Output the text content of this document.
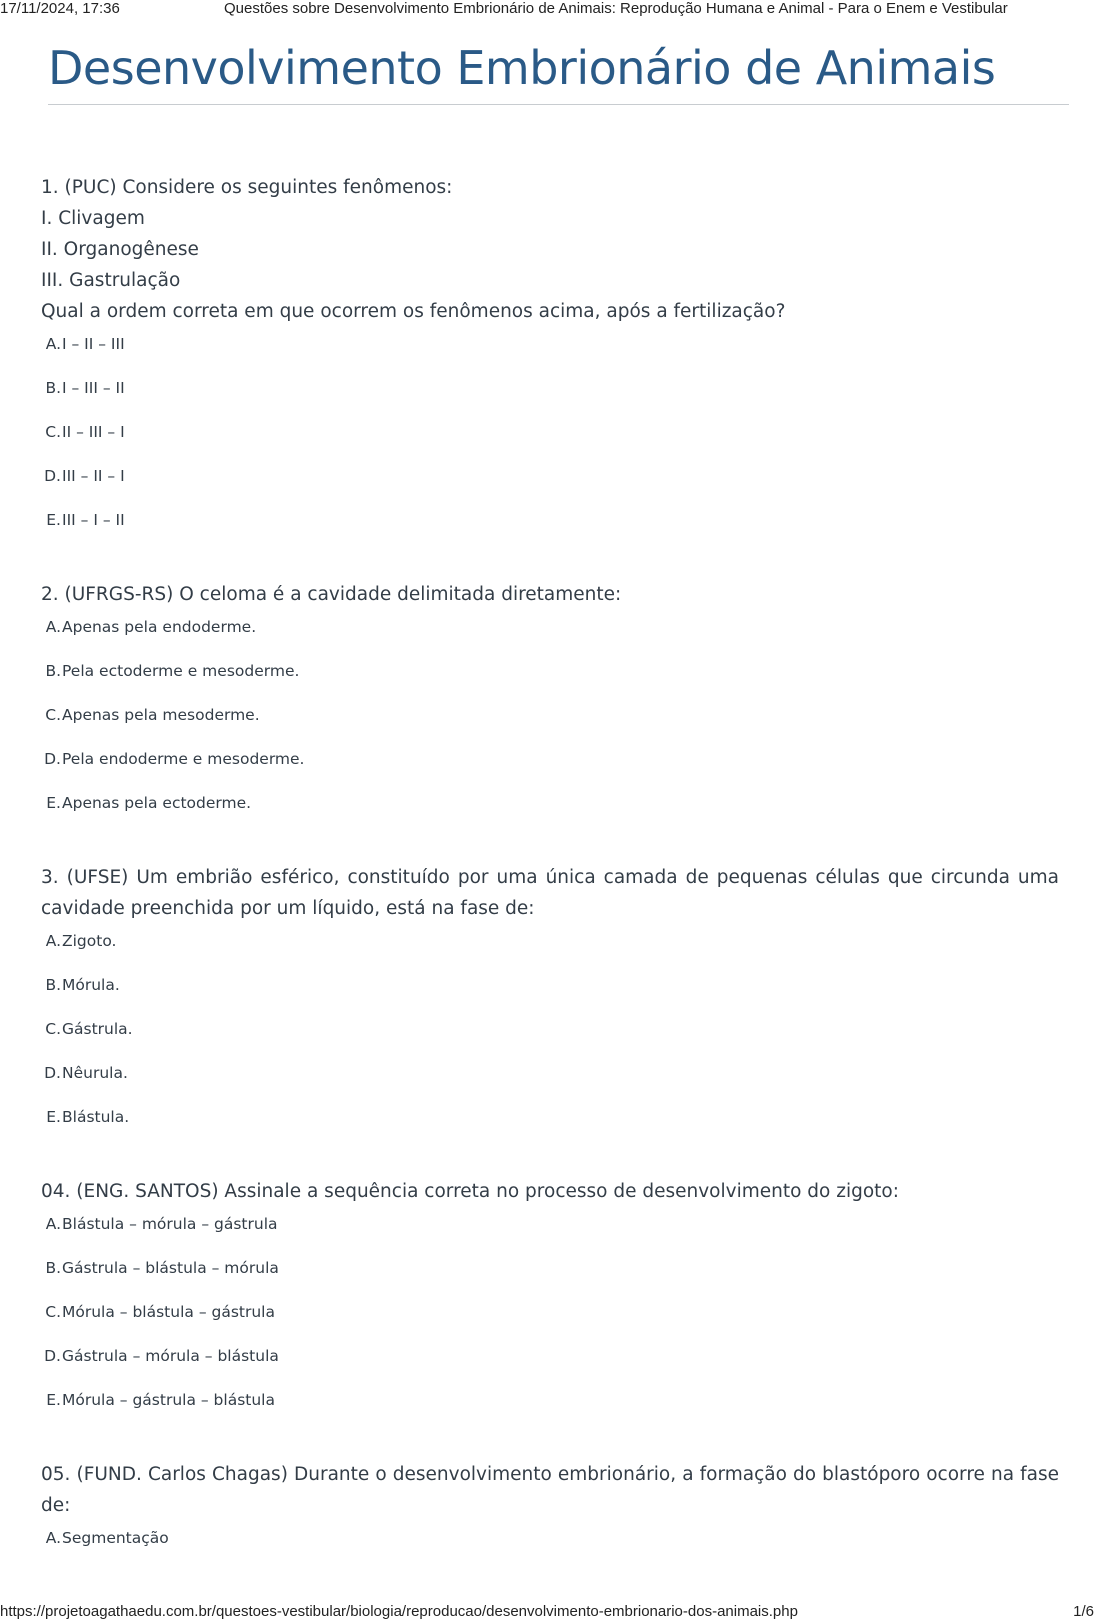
17/11/2024, 17:36	Questões sobre Desenvolvimento Embrionário de Animais: Reprodução Humana e Animal - Para o Enem e Vestibular
Desenvolvimento Embrionário de Animais
1. (PUC) Considere os seguintes fenômenos:
I. Clivagem
II. Organogênese
III. Gastrulação
Qual a ordem correta em que ocorrem os fenômenos acima, após a fertilização?
A. I – II – III
B. I – III – II
C. II – III – I
D. III – II – I
E. III – I – II
2. (UFRGS-RS) O celoma é a cavidade delimitada diretamente:
A. Apenas pela endoderme.
B. Pela ectoderme e mesoderme.
C. Apenas pela mesoderme.
D. Pela endoderme e mesoderme.
E. Apenas pela ectoderme.
3. (UFSE) Um embrião esférico, constituído por uma única camada de pequenas células que circunda uma cavidade preenchida por um líquido, está na fase de:
A. Zigoto.
B. Mórula.
C. Gástrula.
D. Nêurula.
E. Blástula.
04. (ENG. SANTOS) Assinale a sequência correta no processo de desenvolvimento do zigoto:
A. Blástula – mórula – gástrula
B. Gástrula – blástula – mórula
C. Mórula – blástula – gástrula
D. Gástrula – mórula – blástula
E. Mórula – gástrula – blástula
05. (FUND. Carlos Chagas) Durante o desenvolvimento embrionário, a formação do blastóporo ocorre na fase de:
A. Segmentação
https://projetoagathaedu.com.br/questoes-vestibular/biologia/reproducao/desenvolvimento-embrionario-dos-animais.php	1/6
